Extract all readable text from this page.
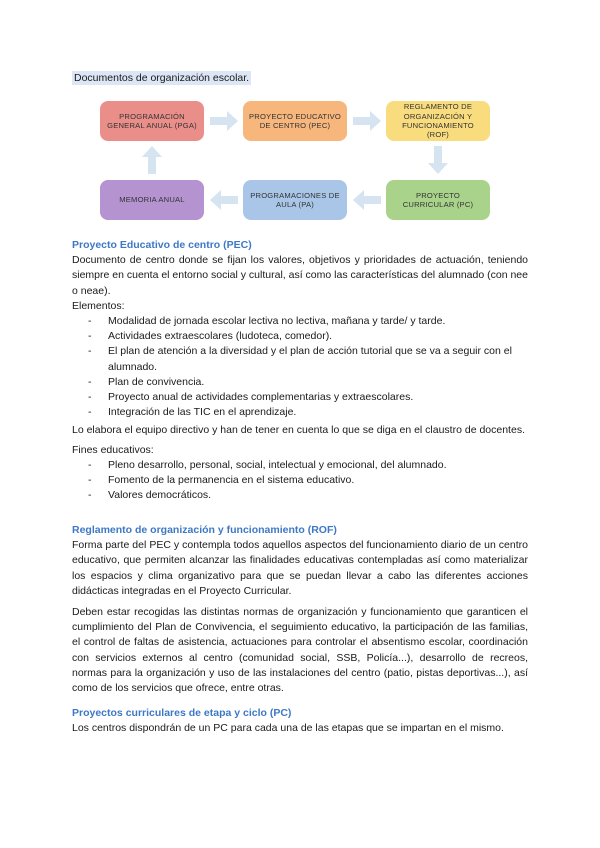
Documentos de organización escolar.
PROGRAMACIÓN GENERAL ANUAL (PGA)
PROYECTO EDUCATIVO DE CENTRO (PEC)
REGLAMENTO DE ORGANIZACIÓN Y FUNCIONAMIENTO (ROF)
PROYECTO CURRICULAR (PC)
PROGRAMACIONES DE AULA (PA)
MEMORIA ANUAL
Proyecto Educativo de centro (PEC)
Documento de centro donde se fijan los valores, objetivos y prioridades de actuación, teniendo siempre en cuenta el entorno social y cultural, así como las características del alumnado (con nee o neae).
Elementos:
- Modalidad de jornada escolar lectiva no lectiva, mañana y tarde/ y tarde.
- Actividades extraescolares (ludoteca, comedor).
- El plan de atención a la diversidad y el plan de acción tutorial que se va a seguir con el alumnado.
- Plan de convivencia.
- Proyecto anual de actividades complementarias y extraescolares.
- Integración de las TIC en el aprendizaje.
Lo elabora el equipo directivo y han de tener en cuenta lo que se diga en el claustro de docentes.
Fines educativos:
- Pleno desarrollo, personal, social, intelectual y emocional, del alumnado.
- Fomento de la permanencia en el sistema educativo.
- Valores democráticos.
Reglamento de organización y funcionamiento (ROF)
Forma parte del PEC y contempla todos aquellos aspectos del funcionamiento diario de un centro educativo, que permiten alcanzar las finalidades educativas contempladas así como materializar los espacios y clima organizativo para que se puedan llevar a cabo las diferentes acciones didácticas integradas en el Proyecto Curricular.
Deben estar recogidas las distintas normas de organización y funcionamiento que garanticen el cumplimiento del Plan de Convivencia, el seguimiento educativo, la participación de las familias, el control de faltas de asistencia, actuaciones para controlar el absentismo escolar, coordinación con servicios externos al centro (comunidad social, SSB, Policía...), desarrollo de recreos, normas para la organización y uso de las instalaciones del centro (patio, pistas deportivas...), así como de los servicios que ofrece, entre otras.
Proyectos curriculares de etapa y ciclo (PC)
Los centros dispondrán de un PC para cada una de las etapas que se impartan en el mismo.
